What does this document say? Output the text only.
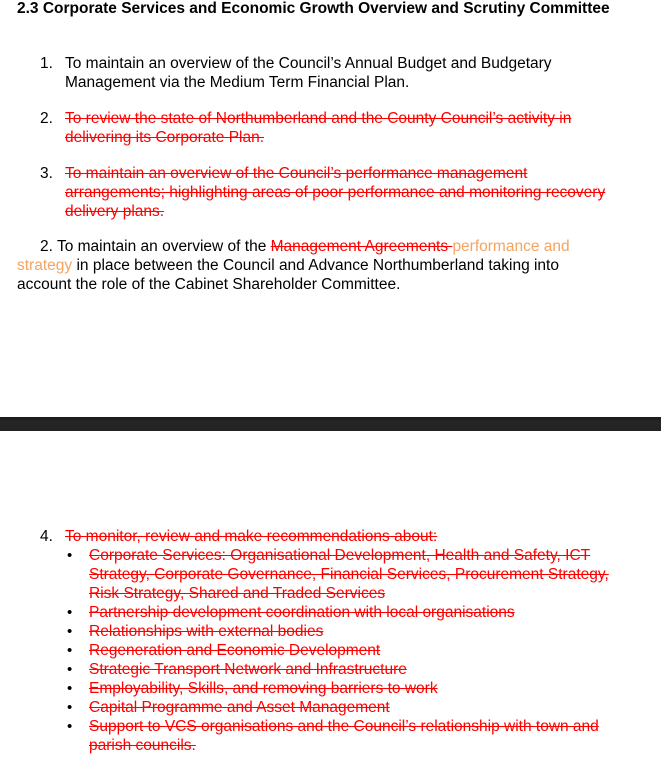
2.3 Corporate Services and Economic Growth Overview and Scrutiny Committee
1. To maintain an overview of the Council’s Annual Budget and Budgetary Management via the Medium Term Financial Plan.
2. To review the state of Northumberland and the County Council’s activity in delivering its Corporate Plan.
3. To maintain an overview of the Council’s performance management arrangements; highlighting areas of poor performance and monitoring recovery delivery plans.
2. To maintain an overview of the Management Agreements performance and strategy in place between the Council and Advance Northumberland taking into account the role of the Cabinet Shareholder Committee.
4. To monitor, review and make recommendations about:
• Corporate Services: Organisational Development, Health and Safety, ICT Strategy, Corporate Governance, Financial Services, Procurement Strategy, Risk Strategy, Shared and Traded Services
• Partnership development coordination with local organisations
• Relationships with external bodies
• Regeneration and Economic Development
• Strategic Transport Network and Infrastructure
• Employability, Skills, and removing barriers to work
• Capital Programme and Asset Management
• Support to VCS organisations and the Council’s relationship with town and parish councils.
